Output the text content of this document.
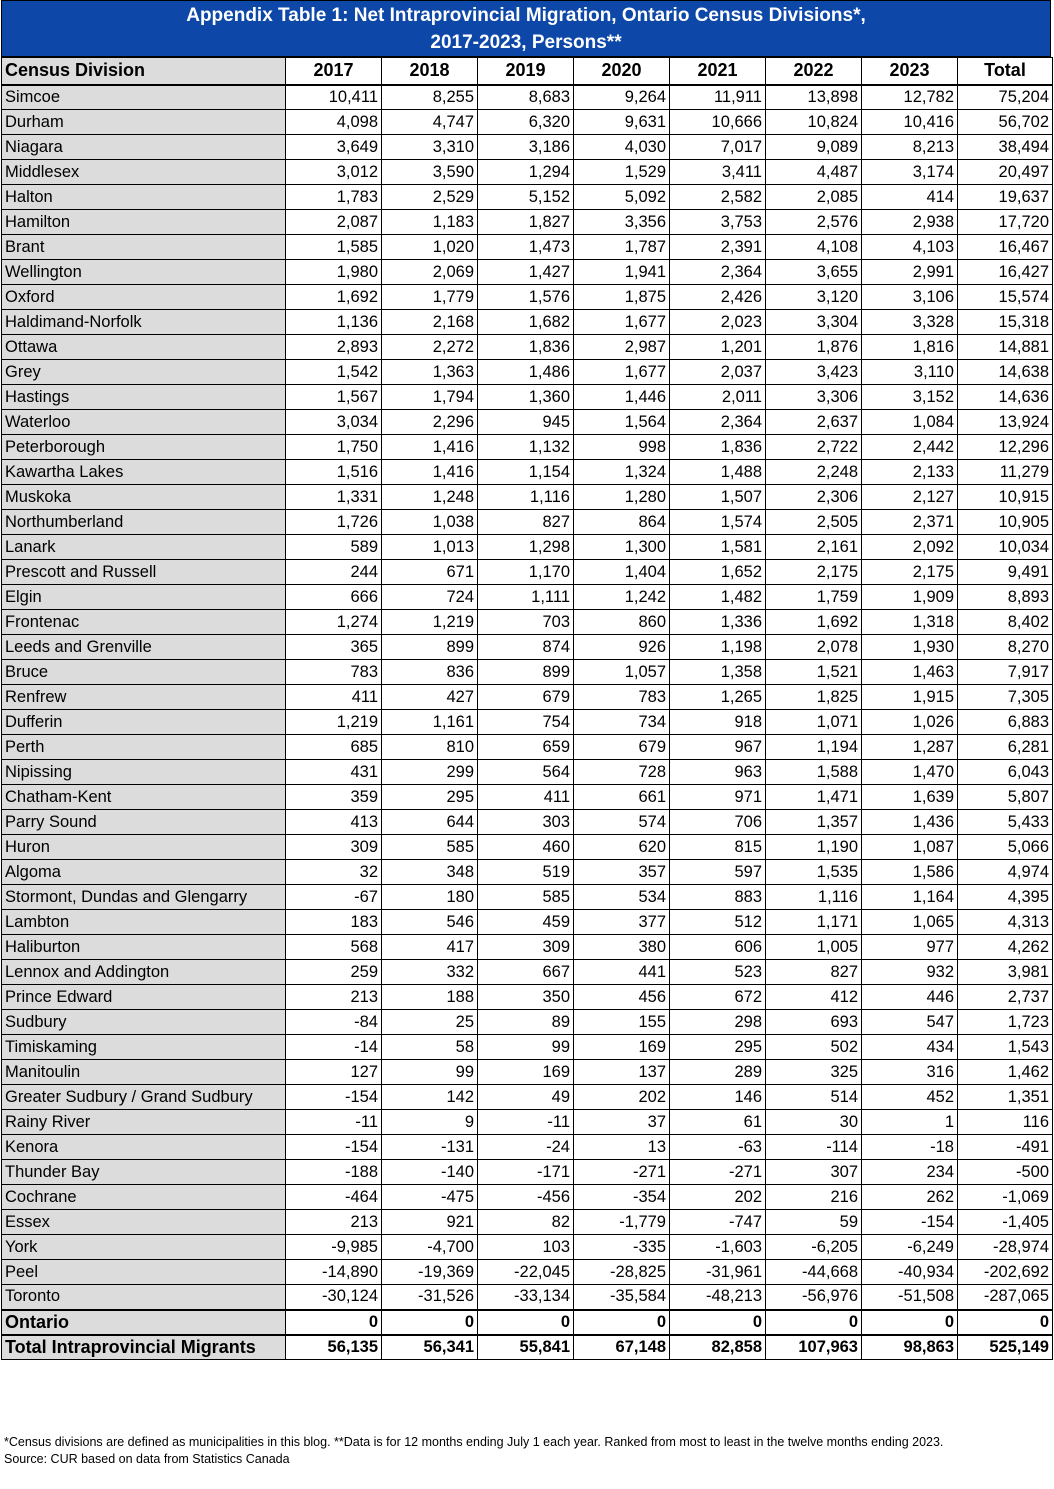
Appendix Table 1: Net Intraprovincial Migration, Ontario Census Divisions*,
2017-2023, Persons**
Census Division	2017	2018	2019	2020	2021	2022	2023	Total
Simcoe	10,411	8,255	8,683	9,264	11,911	13,898	12,782	75,204
Durham	4,098	4,747	6,320	9,631	10,666	10,824	10,416	56,702
Niagara	3,649	3,310	3,186	4,030	7,017	9,089	8,213	38,494
Middlesex	3,012	3,590	1,294	1,529	3,411	4,487	3,174	20,497
Halton	1,783	2,529	5,152	5,092	2,582	2,085	414	19,637
Hamilton	2,087	1,183	1,827	3,356	3,753	2,576	2,938	17,720
Brant	1,585	1,020	1,473	1,787	2,391	4,108	4,103	16,467
Wellington	1,980	2,069	1,427	1,941	2,364	3,655	2,991	16,427
Oxford	1,692	1,779	1,576	1,875	2,426	3,120	3,106	15,574
Haldimand-Norfolk	1,136	2,168	1,682	1,677	2,023	3,304	3,328	15,318
Ottawa	2,893	2,272	1,836	2,987	1,201	1,876	1,816	14,881
Grey	1,542	1,363	1,486	1,677	2,037	3,423	3,110	14,638
Hastings	1,567	1,794	1,360	1,446	2,011	3,306	3,152	14,636
Waterloo	3,034	2,296	945	1,564	2,364	2,637	1,084	13,924
Peterborough	1,750	1,416	1,132	998	1,836	2,722	2,442	12,296
Kawartha Lakes	1,516	1,416	1,154	1,324	1,488	2,248	2,133	11,279
Muskoka	1,331	1,248	1,116	1,280	1,507	2,306	2,127	10,915
Northumberland	1,726	1,038	827	864	1,574	2,505	2,371	10,905
Lanark	589	1,013	1,298	1,300	1,581	2,161	2,092	10,034
Prescott and Russell	244	671	1,170	1,404	1,652	2,175	2,175	9,491
Elgin	666	724	1,111	1,242	1,482	1,759	1,909	8,893
Frontenac	1,274	1,219	703	860	1,336	1,692	1,318	8,402
Leeds and Grenville	365	899	874	926	1,198	2,078	1,930	8,270
Bruce	783	836	899	1,057	1,358	1,521	1,463	7,917
Renfrew	411	427	679	783	1,265	1,825	1,915	7,305
Dufferin	1,219	1,161	754	734	918	1,071	1,026	6,883
Perth	685	810	659	679	967	1,194	1,287	6,281
Nipissing	431	299	564	728	963	1,588	1,470	6,043
Chatham-Kent	359	295	411	661	971	1,471	1,639	5,807
Parry Sound	413	644	303	574	706	1,357	1,436	5,433
Huron	309	585	460	620	815	1,190	1,087	5,066
Algoma	32	348	519	357	597	1,535	1,586	4,974
Stormont, Dundas and Glengarry	-67	180	585	534	883	1,116	1,164	4,395
Lambton	183	546	459	377	512	1,171	1,065	4,313
Haliburton	568	417	309	380	606	1,005	977	4,262
Lennox and Addington	259	332	667	441	523	827	932	3,981
Prince Edward	213	188	350	456	672	412	446	2,737
Sudbury	-84	25	89	155	298	693	547	1,723
Timiskaming	-14	58	99	169	295	502	434	1,543
Manitoulin	127	99	169	137	289	325	316	1,462
Greater Sudbury / Grand Sudbury	-154	142	49	202	146	514	452	1,351
Rainy River	-11	9	-11	37	61	30	1	116
Kenora	-154	-131	-24	13	-63	-114	-18	-491
Thunder Bay	-188	-140	-171	-271	-271	307	234	-500
Cochrane	-464	-475	-456	-354	202	216	262	-1,069
Essex	213	921	82	-1,779	-747	59	-154	-1,405
York	-9,985	-4,700	103	-335	-1,603	-6,205	-6,249	-28,974
Peel	-14,890	-19,369	-22,045	-28,825	-31,961	-44,668	-40,934	-202,692
Toronto	-30,124	-31,526	-33,134	-35,584	-48,213	-56,976	-51,508	-287,065
Ontario	0	0	0	0	0	0	0	0
Total Intraprovincial Migrants	56,135	56,341	55,841	67,148	82,858	107,963	98,863	525,149
*Census divisions are defined as municipalities in this blog. **Data is for 12 months ending July 1 each year. Ranked from most to least in the twelve months ending 2023.
Source: CUR based on data from Statistics Canada
